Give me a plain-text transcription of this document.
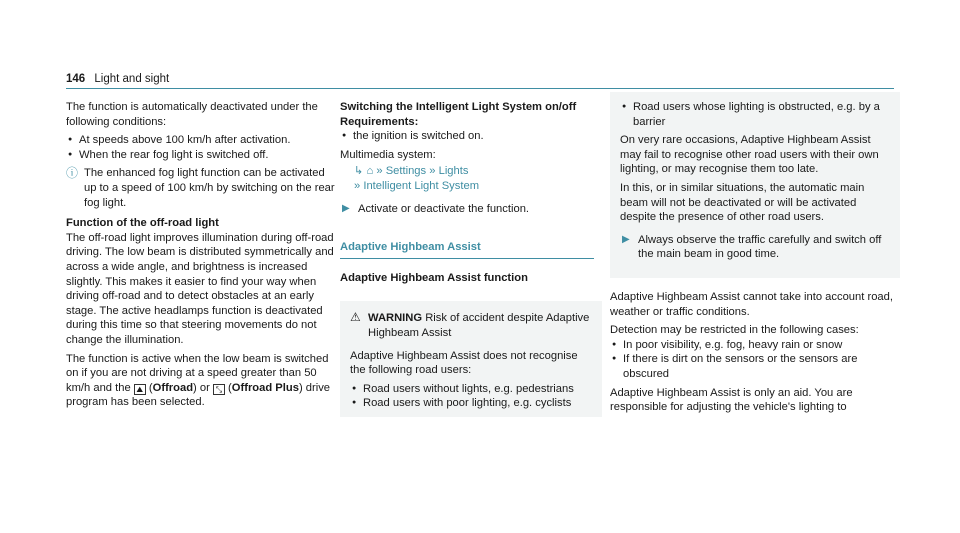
146 Light and sight

The function is automatically deactivated under the following conditions:

● At speeds above 100 km/h after activation.
● When the rear fog light is switched off.
ⓘ The enhanced fog light function can be activated up to a speed of 100 km/h by switching on the rear fog light.

Function of the off-road light

The off-road light improves illumination during off-road driving. The low beam is distributed symmetrically and across a wide angle, and brightness is increased slightly. This makes it easier to find your way when driving off-road and to detect obstacles at an early stage. The active headlamps function is deactivated during this time so that steering movements do not change the illumination.

The function is active when the low beam is switched on if you are not driving at a speed greater than 50 km/h and the ⛰ (Offroad) or ⤡ (Offroad Plus) drive program has been selected.

Switching the Intelligent Light System on/off

Requirements:

● the ignition is switched on.

Multimedia system:

↳ ⌂ » Settings » Lights
» Intelligent Light System
▶ Activate or deactivate the function.
Adaptive Highbeam Assist

Adaptive Highbeam Assist function

⚠ WARNING Risk of accident despite Adaptive Highbeam Assist

Adaptive Highbeam Assist does not recognise the following road users:

● Road users without lights, e.g. pedestrians
● Road users with poor lighting, e.g. cyclists
● Road users whose lighting is obstructed, e.g. by a barrier

On very rare occasions, Adaptive Highbeam Assist may fail to recognise other road users with their own lighting, or may recognise them too late.

In this, or in similar situations, the automatic main beam will not be deactivated or will be activated despite the presence of other road users.

▶ Always observe the traffic carefully and switch off the main beam in good time.

Adaptive Highbeam Assist cannot take into account road, weather or traffic conditions.

Detection may be restricted in the following cases:

● In poor visibility, e.g. fog, heavy rain or snow
● If there is dirt on the sensors or the sensors are obscured

Adaptive Highbeam Assist is only an aid. You are responsible for adjusting the vehicle's lighting to
